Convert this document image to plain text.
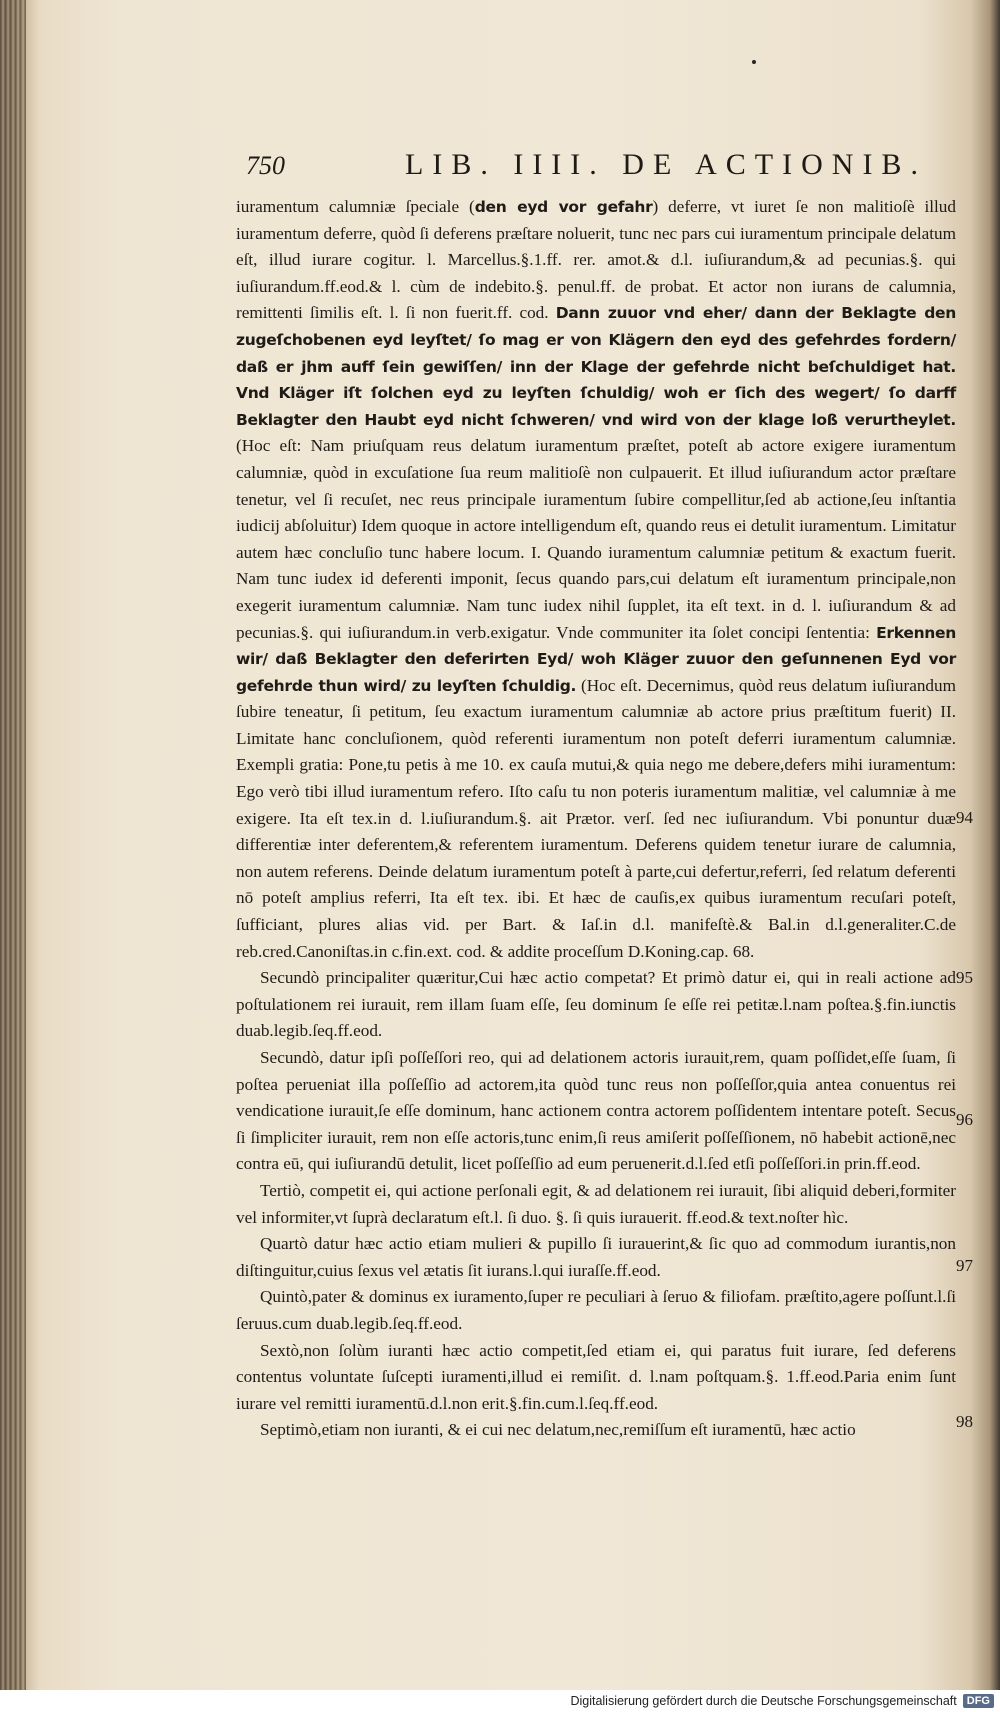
750	LIB. IIII. DE ACTIONIB.

iuramentum calumniæ ſpeciale (den eyd vor gefahr) deferre, vt iuret ſe non malitioſè illud iuramentum deferre, quòd ſi deferens præſtare noluerit, tunc nec pars cui iuramentum principale delatum eſt, illud iurare cogitur. l. Marcellus.§.1.ff. rer. amot.& d.l. iuſiurandum,& ad pecunias.§. qui iuſiurandum.ff.eod.& l. cùm de indebito.§. penul.ff. de probat. Et actor non iurans de calumnia, remittenti ſimilis eſt. l. ſi non fuerit.ff. cod. Dann zuuor vnd eher/ dann der Beklagte den zugeſchobenen eyd leyſtet/ ſo mag er von Klägern den eyd des gefehrdes fordern/ daß er jhm auff ſein gewiſſen/ inn der Klage der gefehrde nicht beſchuldiget hat. Vnd Kläger iſt ſolchen eyd zu leyſten ſchuldig/ woh er ſich des wegert/ ſo darff Beklagter den Haubt eyd nicht ſchweren/ vnd wird von der klage loß verurtheylet. (Hoc eſt: Nam priuſquam reus delatum iuramentum præſtet, poteſt ab actore exigere iuramentum calumniæ, quòd in excuſatione ſua reum malitioſè non culpauerit. Et illud iuſiurandum actor præſtare tenetur, vel ſi recuſet, nec reus principale iuramentum ſubire compellitur,ſed ab actione,ſeu inſtantia iudicij abſoluitur) Idem quoque in actore intelligendum eſt, quando reus ei detulit iuramentum. Limitatur autem hæc concluſio tunc habere locum. I. Quando iuramentum calumniæ petitum & exactum fuerit. Nam tunc iudex id deferenti imponit, ſecus quando pars,cui delatum eſt iuramentum principale,non exegerit iuramentum calumniæ. Nam tunc iudex nihil ſupplet, ita eſt text. in d. l. iuſiurandum & ad pecunias.§. qui iuſiurandum.in verb.exigatur. Vnde communiter ita ſolet concipi ſententia: Erkennen wir/ daß Beklagter den deferirten Eyd/ woh Kläger zuuor den geſunnenen Eyd vor gefehrde thun wird/ zu leyſten ſchuldig. (Hoc eſt. Decernimus, quòd reus delatum iuſiurandum ſubire teneatur, ſi petitum, ſeu exactum iuramentum calumniæ ab actore prius præſtitum fuerit) II. Limitate hanc concluſionem, quòd referenti iuramentum non poteſt deferri iuramentum calumniæ. Exempli gratia: Pone,tu petis à me 10. ex cauſa mutui,& quia nego me debere,defers mihi iuramentum: Ego verò tibi illud iuramentum refero. Iſto caſu tu non poteris iuramentum malitiæ, vel calumniæ à me exigere. Ita eſt tex.in d. l.iuſiurandum.§. ait Prætor. verſ. ſed nec iuſiurandum. Vbi ponuntur duæ differentiæ inter deferentem,& referentem iuramentum. Deferens quidem tenetur iurare de calumnia, non autem referens. Deinde delatum iuramentum poteſt à parte,cui defertur,referri, ſed relatum deferenti nō poteſt amplius referri, Ita eſt tex. ibi. Et hæc de cauſis,ex quibus iuramentum recuſari poteſt, ſufficiant, plures alias vid. per Bart. & Iaſ.in d.l. manifeſtè.& Bal.in d.l.generaliter.C.de reb.cred.Canoniſtas.in c.fin.ext. cod. & addite proceſſum D.Koning.cap. 68.

Secundò principaliter quæritur,Cui hæc actio competat? Et primò datur ei, qui in reali actione ad poſtulationem rei iurauit, rem illam ſuam eſſe, ſeu dominum ſe eſſe rei petitæ.l.nam poſtea.§.fin.iunctis duab.legib.ſeq.ff.eod.

Secundò, datur ipſi poſſeſſori reo, qui ad delationem actoris iurauit,rem, quam poſſidet,eſſe ſuam, ſi poſtea perueniat illa poſſeſſio ad actorem,ita quòd tunc reus non poſſeſſor,quia antea conuentus rei vendicatione iurauit,ſe eſſe dominum, hanc actionem contra actorem poſſidentem intentare poteſt. Secus ſi ſimpliciter iurauit, rem non eſſe actoris,tunc enim,ſi reus amiſerit poſſeſſionem, nō habebit actionē,nec contra eū, qui iuſiurandū detulit, licet poſſeſſio ad eum peruenerit.d.l.ſed etſi poſſeſſori.in prin.ff.eod.

Tertiò, competit ei, qui actione perſonali egit, & ad delationem rei iurauit, ſibi aliquid deberi,formiter vel informiter,vt ſuprà declaratum eſt.l. ſi duo. §. ſi quis iurauerit. ff.eod.& text.noſter hìc.

Quartò datur hæc actio etiam mulieri & pupillo ſi iurauerint,& ſic quo ad commodum iurantis,non diſtinguitur,cuius ſexus vel ætatis ſit iurans.l.qui iuraſſe.ff.eod.

Quintò,pater & dominus ex iuramento,ſuper re peculiari à ſeruo & filiofam. præſtito,agere poſſunt.l.ſi ſeruus.cum duab.legib.ſeq.ff.eod.

Sextò,non ſolùm iuranti hæc actio competit,ſed etiam ei, qui paratus fuit iurare, ſed deferens contentus voluntate ſuſcepti iuramenti,illud ei remiſit. d. l.nam poſtquam.§. 1.ff.eod.Paria enim ſunt iurare vel remitti iuramentū.d.l.non erit.§.fin.cum.l.ſeq.ff.eod.

Septimò,etiam non iuranti, & ei cui nec delatum,nec,remiſſum eſt iuramentū, hæc actio

94
95
96
97
98
Digitalisierung gefördert durch die Deutsche Forschungsgemeinschaft DFG
